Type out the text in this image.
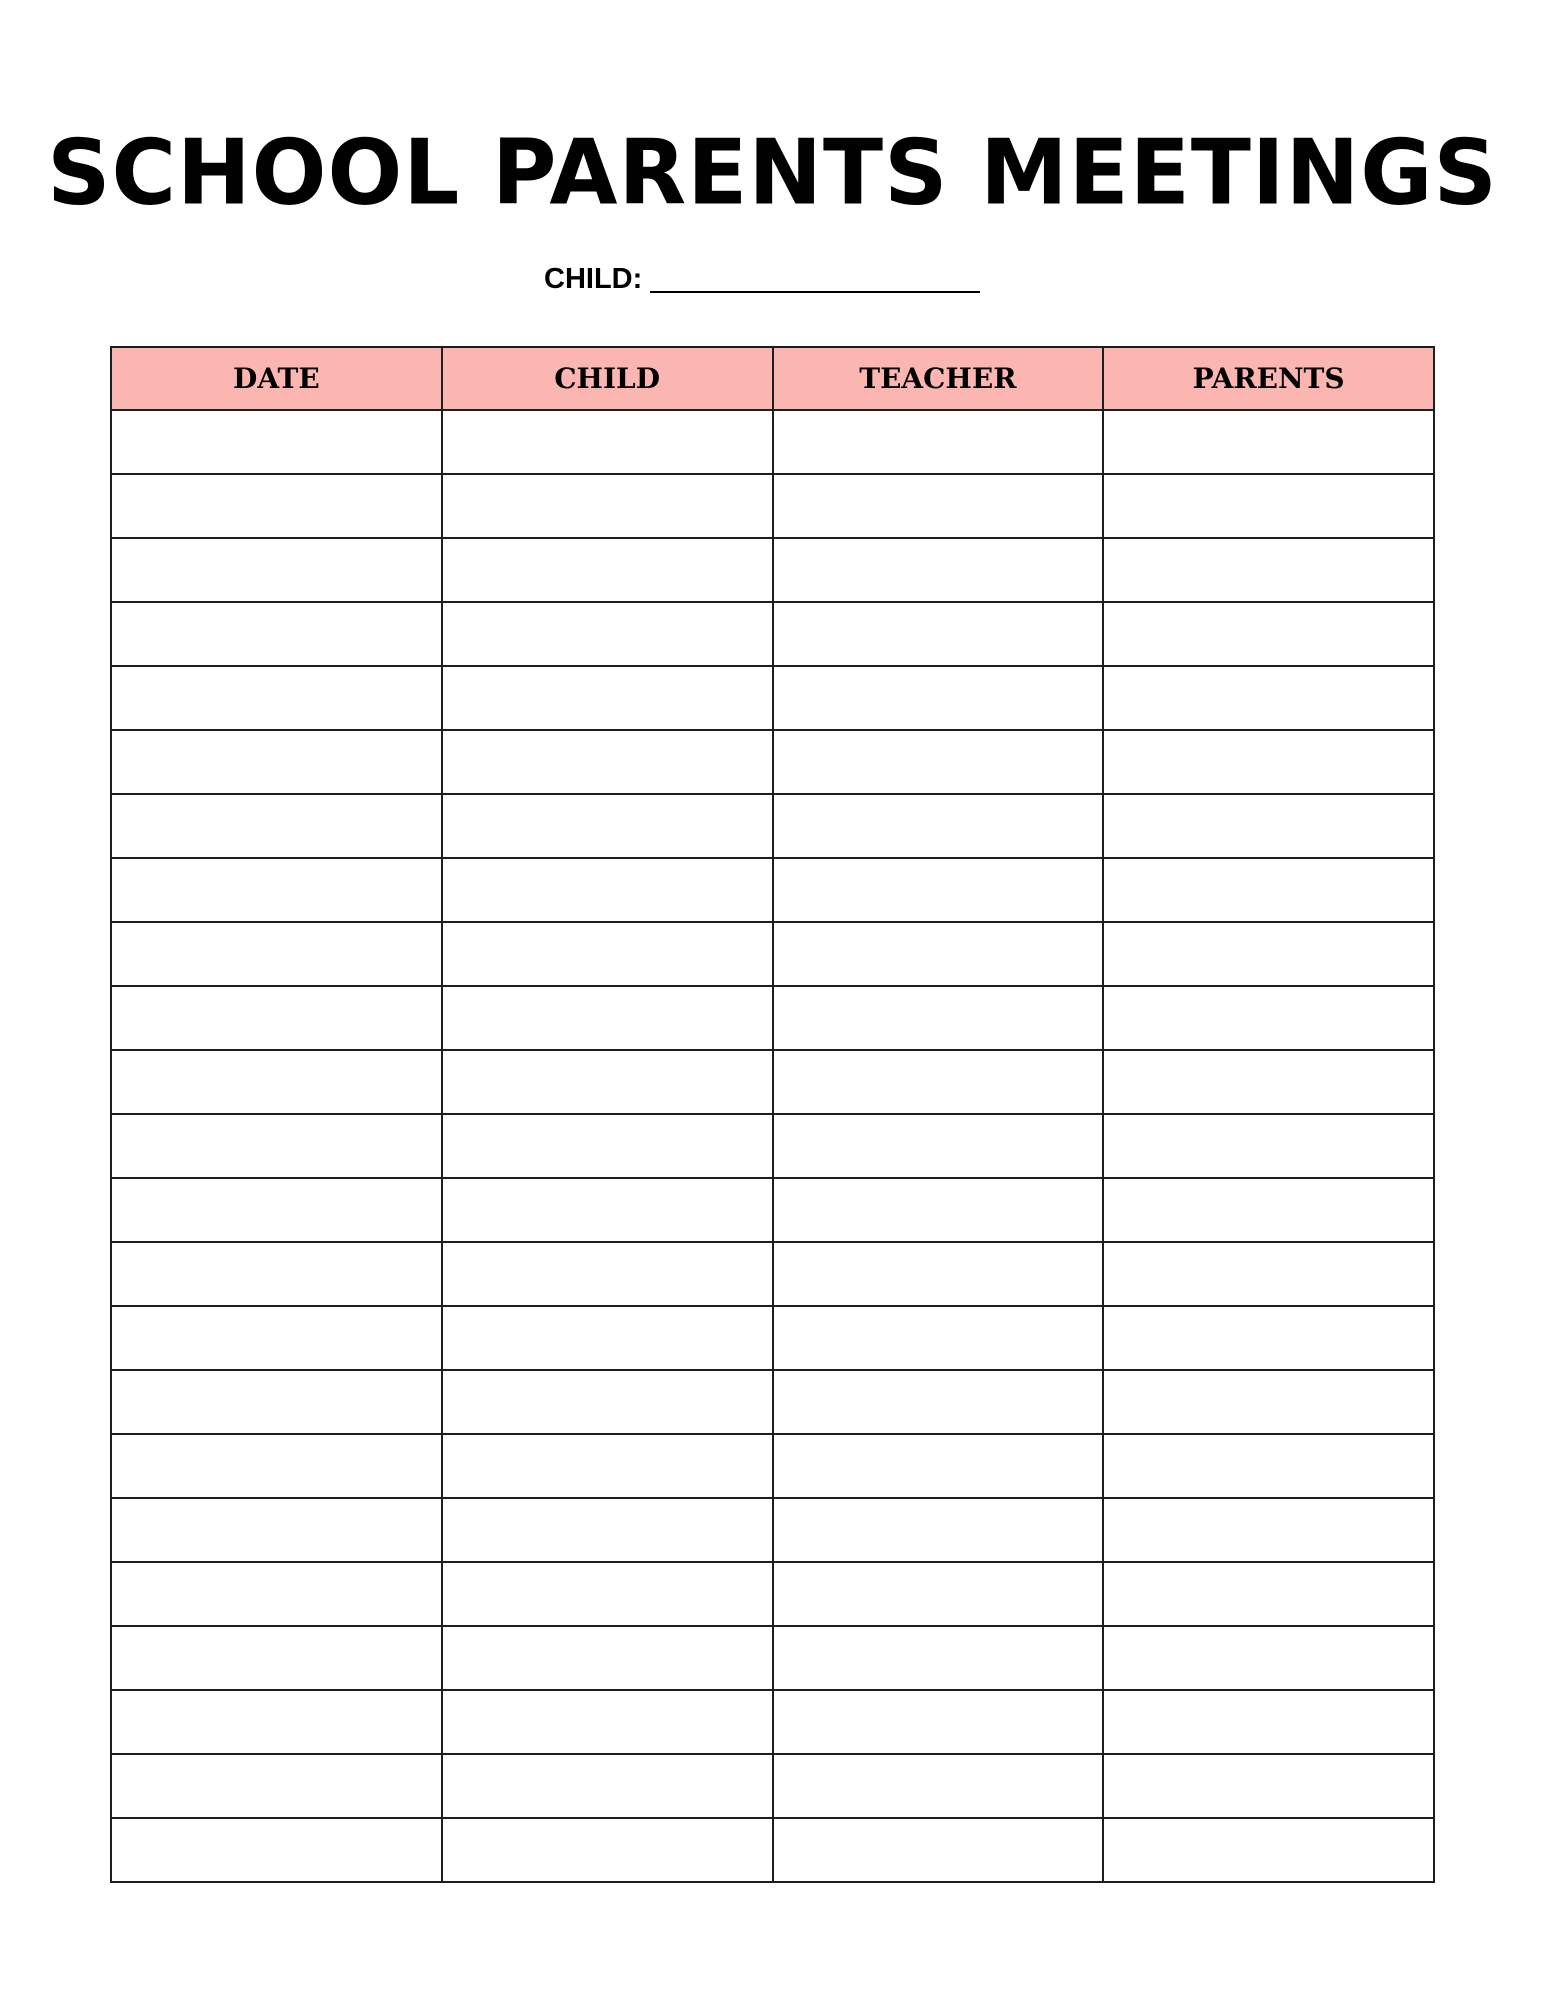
SCHOOL PARENTS MEETINGS
CHILD:
DATE	CHILD	TEACHER	PARENTS
